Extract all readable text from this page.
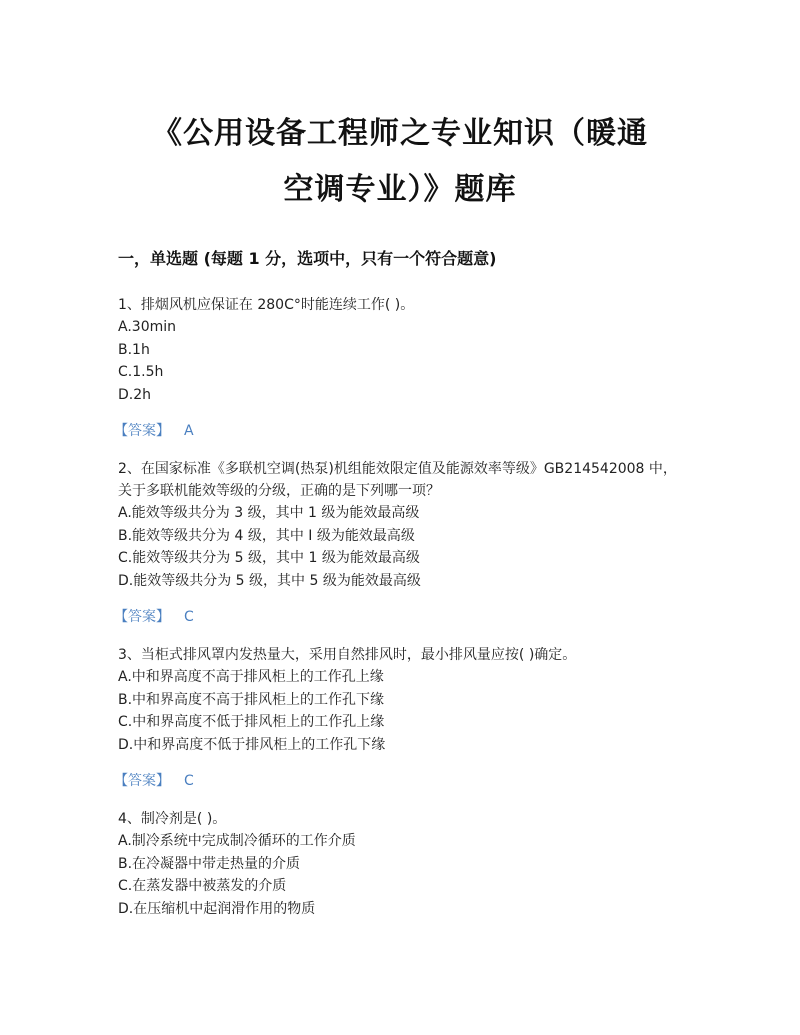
《公用设备工程师之专业知识（暖通
空调专业）》题库
一，单选题 (每题 1 分，选项中，只有一个符合题意)

1、排烟风机应保证在 280C°时能连续工作( )。

A.30min

B.1h

C.1.5h

D.2h

【答案】 A

2、在国家标准《多联机空调(热泵)机组能效限定值及能源效率等级》GB214542008 中，

关于多联机能效等级的分级，正确的是下列哪一项？

A.能效等级共分为 3 级，其中 1 级为能效最高级

B.能效等级共分为 4 级，其中 I 级为能效最高级

C.能效等级共分为 5 级，其中 1 级为能效最高级

D.能效等级共分为 5 级，其中 5 级为能效最高级

【答案】 C

3、当柜式排风罩内发热量大，采用自然排风时，最小排风量应按( )确定。

A.中和界高度不高于排风柜上的工作孔上缘

B.中和界高度不高于排风柜上的工作孔下缘

C.中和界高度不低于排风柜上的工作孔上缘

D.中和界高度不低于排风柜上的工作孔下缘

【答案】 C

4、制冷剂是( )。

A.制冷系统中完成制冷循环的工作介质

B.在冷凝器中带走热量的介质

C.在蒸发器中被蒸发的介质

D.在压缩机中起润滑作用的物质
